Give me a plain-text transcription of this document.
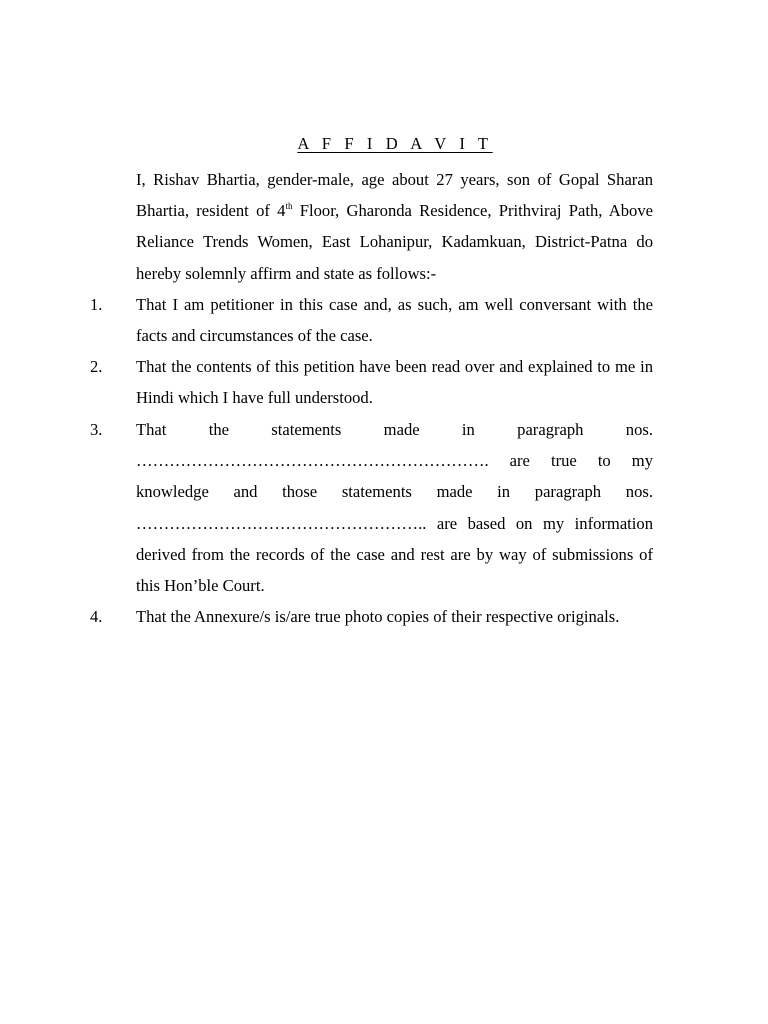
A F F I D A V I T

I, Rishav Bhartia, gender-male, age about 27 years, son of Gopal Sharan Bhartia, resident of 4th Floor, Gharonda Residence, Prithviraj Path, Above Reliance Trends Women, East Lohanipur, Kadamkuan, District-Patna do hereby solemnly affirm and state as follows:-

1. That I am petitioner in this case and, as such, am well conversant with the facts and circumstances of the case.

2. That the contents of this petition have been read over and explained to me in Hindi which I have full understood.

3. That the statements made in paragraph nos.
………………………………………………………. are true to my
knowledge and those statements made in paragraph nos.
…………………………………………….. are based on my information derived from the records of the case and rest are by way of submissions of this Hon’ble Court.
4. That the Annexure/s is/are true photo copies of their respective originals.
